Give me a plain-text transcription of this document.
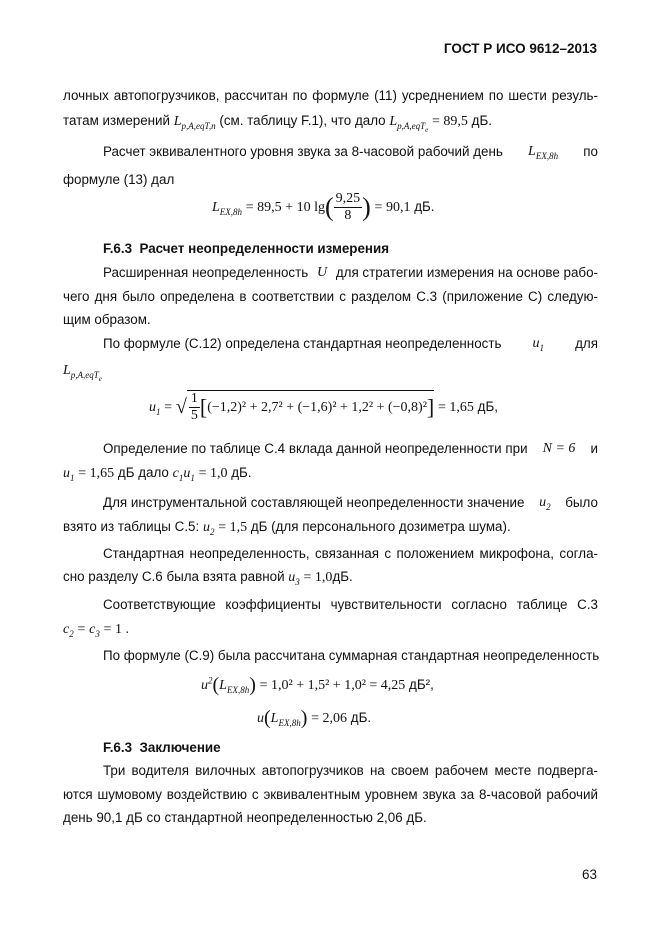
ГОСТ Р ИСО 9612–2013
лочных автопогрузчиков, рассчитан по формуле (11) усреднением по шести резуль-
татам измерений $L_{p,A,eqT,n}$ (см. таблицу F.1), что дало $L_{p,A,eqT_e} = 89,5$ дБ.
Расчет эквивалентного уровня звука за 8-часовой рабочий день $L_{EX,8h}$ по
формуле (13) дал
$L_{EX,8h} = 89,5 + 10$ $\lg( \frac{9,25}{8}$ ) = 90,1 дБ.
F.6.3 Расчет неопределенности измерения
Расширенная неопределенность U для стратегии измерения на основе рабо-
чего дня было определена в соответствии с разделом С.3 (приложение С) следую-
щим образом.
По формуле (С.12) определена стандартная неопределенность $u_1$ для
$L_{p,A,eqT_e}$
$u_1$ = √ $\frac{1}{5} [(-1,2)^2 + 2,7^2 + (-1,6)^2 + 1,2^2 + (-0,8)^2] = 1,65$ дБ,
Определение по таблице С.4 вклада данной неопределенности при N = 6 и
$u_1 = 1,65$ дБ дало $c_1u_1 = 1,0$ дБ.
Для инструментальной составляющей неопределенности значение $u_2$ было
взято из таблицы С.5: $u_2 = 1,5$ дБ (для персонального дозиметра шума).
Стандартная неопределенность, связанная с положением микрофона, согла-
сно разделу С.6 была взята равной $u_3 = 1,0дБ$.
Соответствующие коэффициенты чувствительности согласно таблице С.3
$c_2 = c_3 = 1$ .
По формуле (С.9) была рассчитана суммарная стандартная неопределенность
$u^2(L_{EX,8h}) = 1,0^2 + 1,5^2 + 1,0^2 = 4,25$ дБ²,
$u(L_{EX,8h}) = 2,06$ дБ.
F.6.3 Заключение
Три водителя вилочных автопогрузчиков на своем рабочем месте подверга-
ются шумовому воздействию с эквивалентным уровнем звука за 8-часовой рабочий
день 90,1 дБ со стандартной неопределенностью 2,06 дБ.
63
